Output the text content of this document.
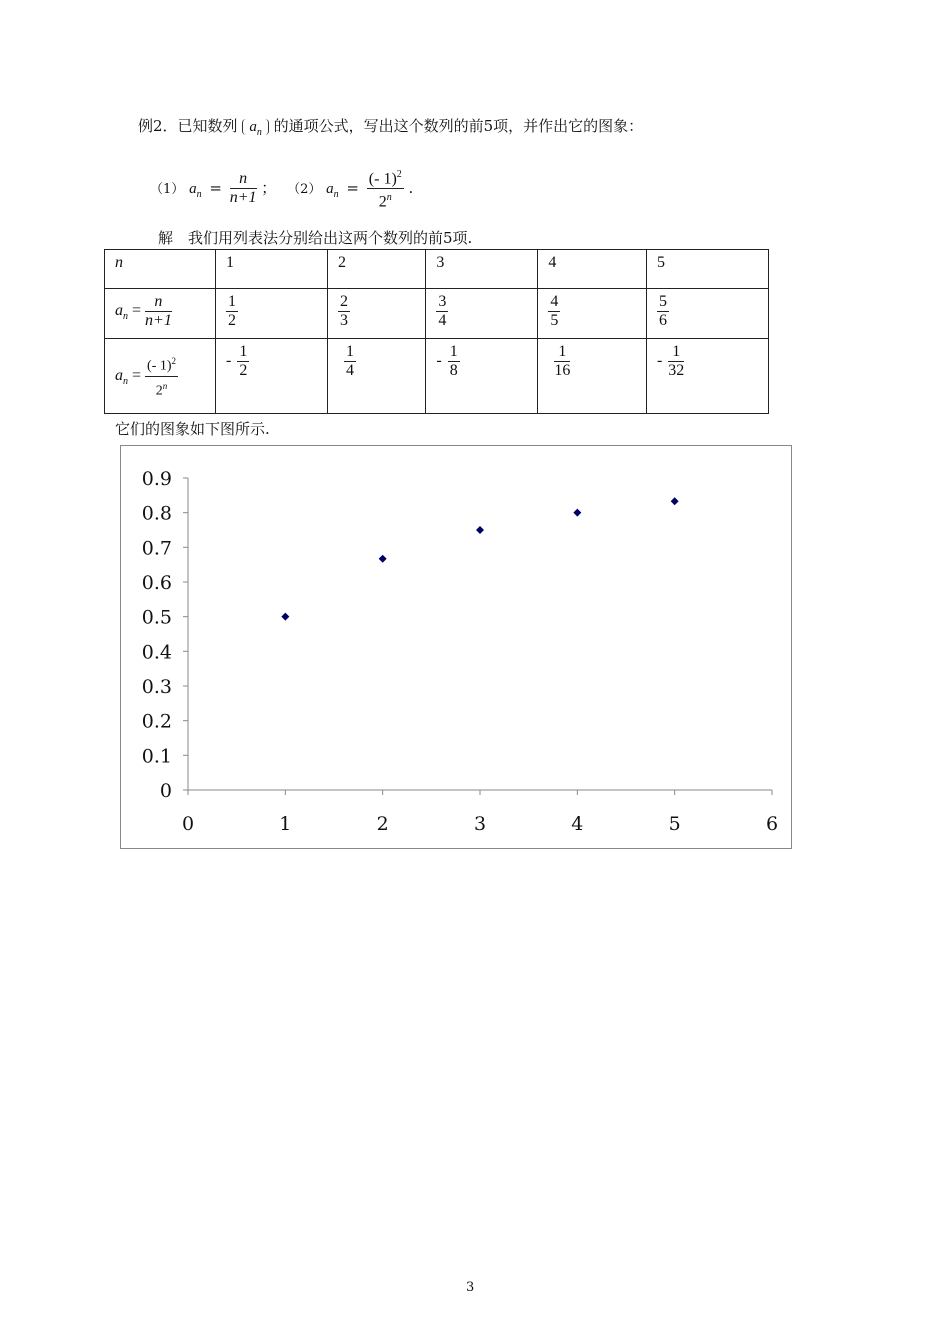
例2．已知数列 $a_n$ 的通项公式，写出这个数列的前5项，并作出它的图象：
（1） $a_n = \frac{n}{n+1}$ ； （2） $a_n = \frac{(- 1)^2}{2^n}$ .
解　我们用列表法分别给出这两个数列的前5项.
n	1	2	3	4	5
$a_n = \frac{n}{n+1}$	$\frac{1}{2}$	$\frac{2}{3}$	$\frac{3}{4}$	$\frac{4}{5}$	$\frac{5}{6}$

$a_n = \frac{(- 1)^2}{2^n}$	- $\frac{1}{2}$	$\frac{1}{4}$	- $\frac{1}{8}$	$\frac{1}{16}$	- $\frac{1}{32}$
它们的图象如下图所示.
0
0.1
0.2
0.3
0.4
0.5
0.6
0.7
0.8
0.9
0	1	2	3	4	5	6
3
